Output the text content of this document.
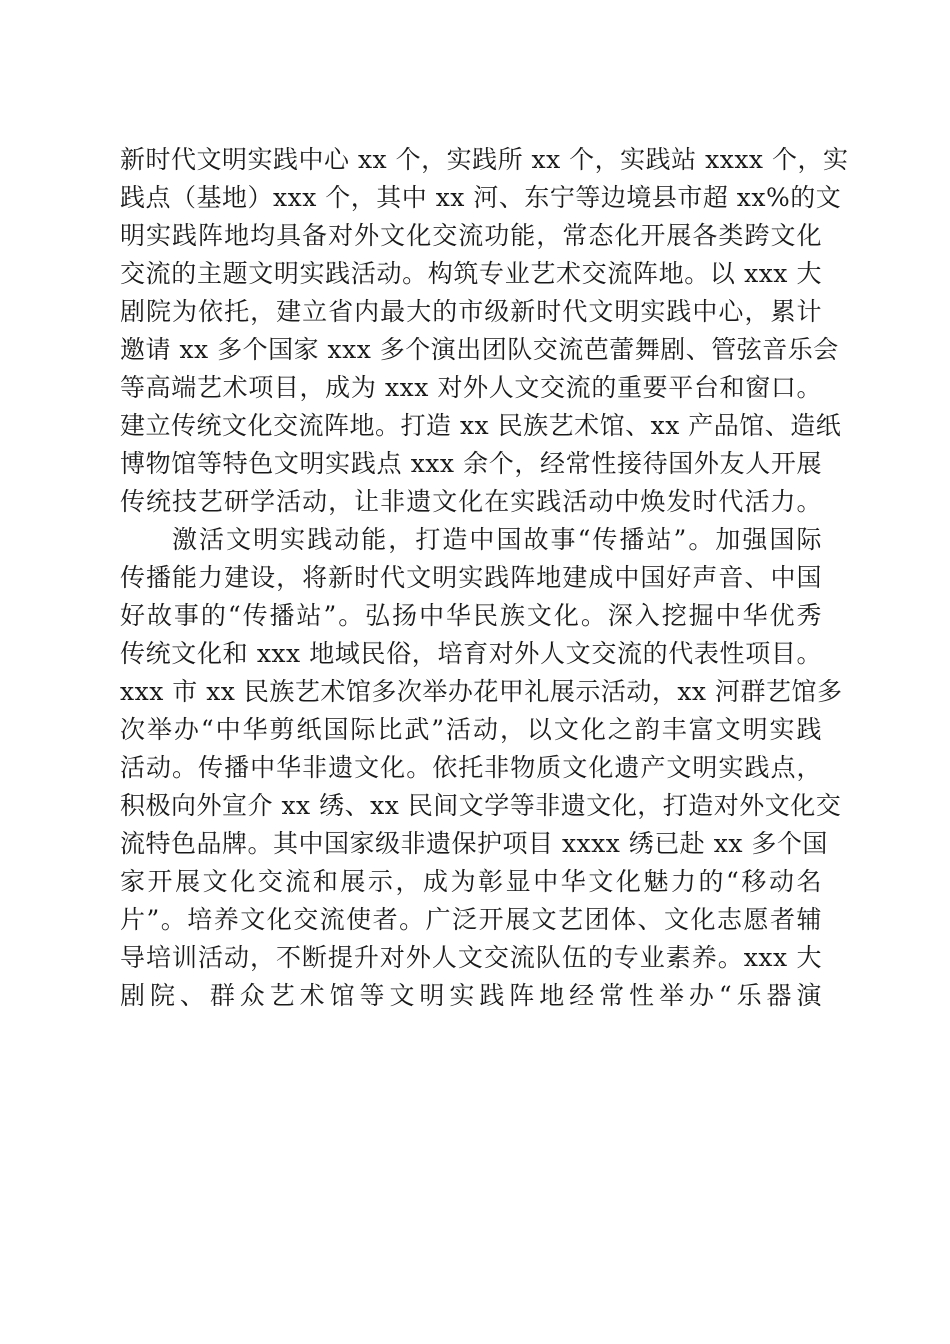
新时代文明实践中心 xx 个，实践所 xx 个，实践站 xxxx 个，实
践点（基地）xxx 个，其中 xx 河、东宁等边境县市超 xx%的文
明实践阵地均具备对外文化交流功能，常态化开展各类跨文化
交流的主题文明实践活动。构筑专业艺术交流阵地。以 xxx 大
剧院为依托，建立省内最大的市级新时代文明实践中心，累计
邀请 xx 多个国家 xxx 多个演出团队交流芭蕾舞剧、管弦音乐会
等高端艺术项目，成为 xxx 对外人文交流的重要平台和窗口。
建立传统文化交流阵地。打造 xx 民族艺术馆、xx 产品馆、造纸
博物馆等特色文明实践点 xxx 余个，经常性接待国外友人开展
传统技艺研学活动，让非遗文化在实践活动中焕发时代活力。
激活文明实践动能，打造中国故事“传播站”。加强国际
传播能力建设，将新时代文明实践阵地建成中国好声音、中国
好故事的“传播站”。弘扬中华民族文化。深入挖掘中华优秀
传统文化和 xxx 地域民俗，培育对外人文交流的代表性项目。
xxx 市 xx 民族艺术馆多次举办花甲礼展示活动，xx 河群艺馆多
次举办“中华剪纸国际比武”活动，以文化之韵丰富文明实践
活动。传播中华非遗文化。依托非物质文化遗产文明实践点，
积极向外宣介 xx 绣、xx 民间文学等非遗文化，打造对外文化交
流特色品牌。其中国家级非遗保护项目 xxxx 绣已赴 xx 多个国
家开展文化交流和展示，成为彰显中华文化魅力的“移动名
片”。培养文化交流使者。广泛开展文艺团体、文化志愿者辅
导培训活动，不断提升对外人文交流队伍的专业素养。xxx 大
剧院、群众艺术馆等文明实践阵地经常性举办“乐器演
